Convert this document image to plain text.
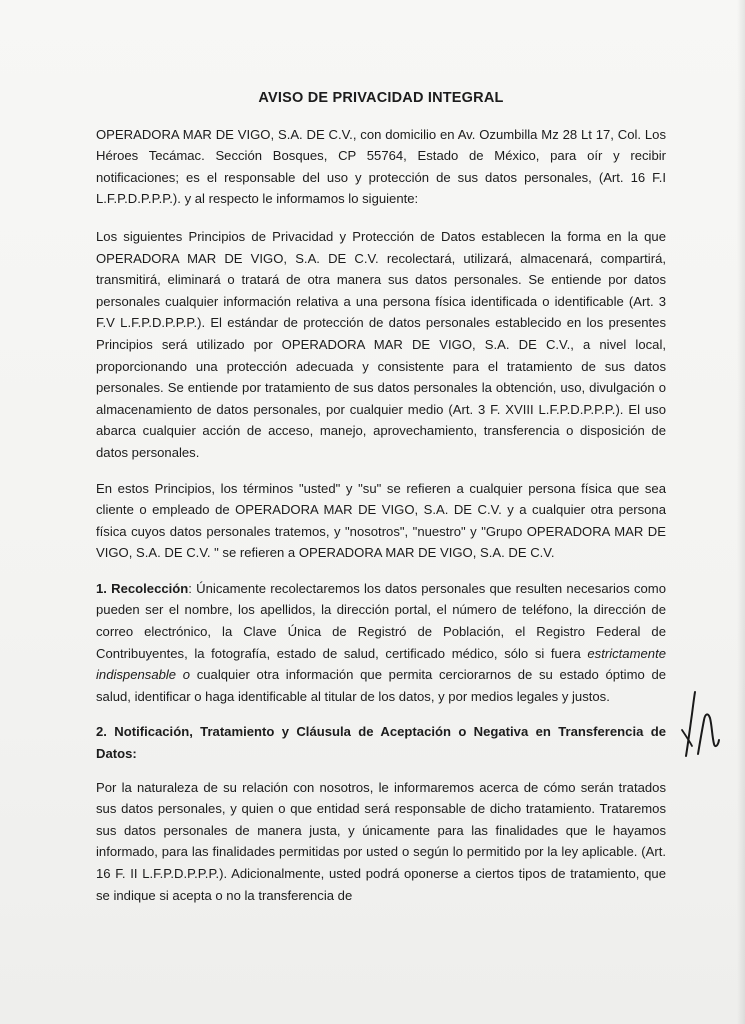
AVISO DE PRIVACIDAD INTEGRAL

OPERADORA MAR DE VIGO, S.A. DE C.V., con domicilio en Av. Ozumbilla Mz 28 Lt 17, Col. Los Héroes Tecámac. Sección Bosques, CP 55764, Estado de México, para oír y recibir notificaciones; es el responsable del uso y protección de sus datos personales, (Art. 16 F.I L.F.P.D.P.P.P.). y al respecto le informamos lo siguiente:

Los siguientes Principios de Privacidad y Protección de Datos establecen la forma en la que OPERADORA MAR DE VIGO, S.A. DE C.V. recolectará, utilizará, almacenará, compartirá, transmitirá, eliminará o tratará de otra manera sus datos personales. Se entiende por datos personales cualquier información relativa a una persona física identificada o identificable (Art. 3 F.V L.F.P.D.P.P.P.). El estándar de protección de datos personales establecido en los presentes Principios será utilizado por OPERADORA MAR DE VIGO, S.A. DE C.V., a nivel local, proporcionando una protección adecuada y consistente para el tratamiento de sus datos personales. Se entiende por tratamiento de sus datos personales la obtención, uso, divulgación o almacenamiento de datos personales, por cualquier medio (Art. 3 F. XVIII L.F.P.D.P.P.P.). El uso abarca cualquier acción de acceso, manejo, aprovechamiento, transferencia o disposición de datos personales.

En estos Principios, los términos "usted" y "su" se refieren a cualquier persona física que sea cliente o empleado de OPERADORA MAR DE VIGO, S.A. DE C.V. y a cualquier otra persona física cuyos datos personales tratemos, y "nosotros", "nuestro" y "Grupo OPERADORA MAR DE VIGO, S.A. DE C.V. " se refieren a OPERADORA MAR DE VIGO, S.A. DE C.V.

1. Recolección: Únicamente recolectaremos los datos personales que resulten necesarios como pueden ser el nombre, los apellidos, la dirección portal, el número de teléfono, la dirección de correo electrónico, la Clave Única de Registró de Población, el Registro Federal de Contribuyentes, la fotografía, estado de salud, certificado médico, sólo si fuera estrictamente indispensable o cualquier otra información que permita cerciorarnos de su estado óptimo de salud, identificar o haga identificable al titular de los datos, y por medios legales y justos.

2. Notificación, Tratamiento y Cláusula de Aceptación o Negativa en Transferencia de Datos:

Por la naturaleza de su relación con nosotros, le informaremos acerca de cómo serán tratados sus datos personales, y quien o que entidad será responsable de dicho tratamiento. Trataremos sus datos personales de manera justa, y únicamente para las finalidades que le hayamos informado, para las finalidades permitidas por usted o según lo permitido por la ley aplicable. (Art. 16 F. II L.F.P.D.P.P.P.). Adicionalmente, usted podrá oponerse a ciertos tipos de tratamiento, que se indique si acepta o no la transferencia de
